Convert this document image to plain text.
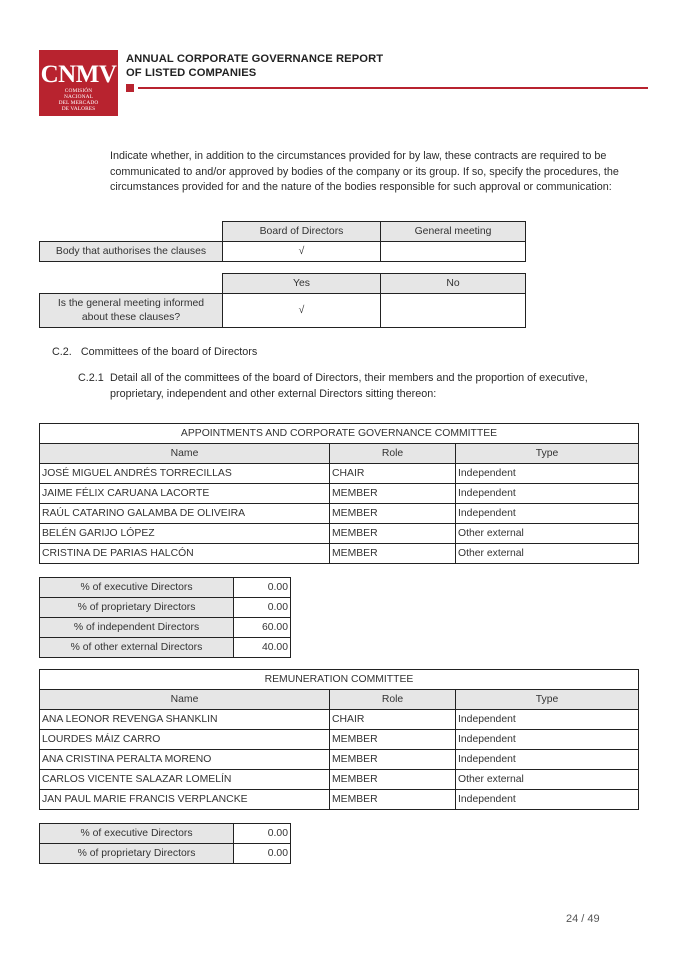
CNMV
COMISIÓN
NACIONAL
DEL MERCADO
DE VALORES
ANNUAL CORPORATE GOVERNANCE REPORT
OF LISTED COMPANIES

Indicate whether, in addition to the circumstances provided for by law, these contracts are required to be communicated to and/or approved by bodies of the company or its group. If so, specify the procedures, the circumstances provided for and the nature of the bodies responsible for such approval or communication:

	Board of Directors	General meeting
Body that authorises the clauses	√	
	Yes	No

Is the general meeting informed
about these clauses?	√	
C.2. Committees of the board of Directors
C.2.1 Detail all of the committees of the board of Directors, their members and the proportion of executive,
proprietary, independent and other external Directors sitting thereon:
APPOINTMENTS AND CORPORATE GOVERNANCE COMMITTEE		
Name	Role	Type
JOSÉ MIGUEL ANDRÉS TORRECILLAS	CHAIR	Independent
JAIME FÉLIX CARUANA LACORTE	MEMBER	Independent
RAÚL CATARINO GALAMBA DE OLIVEIRA	MEMBER	Independent
BELÉN GARIJO LÓPEZ	MEMBER	Other external
CRISTINA DE PARIAS HALCÓN	MEMBER	Other external
% of executive Directors	0.00
% of proprietary Directors	0.00
% of independent Directors	60.00
% of other external Directors	40.00
REMUNERATION COMMITTEE		
Name	Role	Type
ANA LEONOR REVENGA SHANKLIN	CHAIR	Independent
LOURDES MÁIZ CARRO	MEMBER	Independent
ANA CRISTINA PERALTA MORENO	MEMBER	Independent
CARLOS VICENTE SALAZAR LOMELÍN	MEMBER	Other external
JAN PAUL MARIE FRANCIS VERPLANCKE	MEMBER	Independent
% of executive Directors	0.00
% of proprietary Directors	0.00
24 / 49
